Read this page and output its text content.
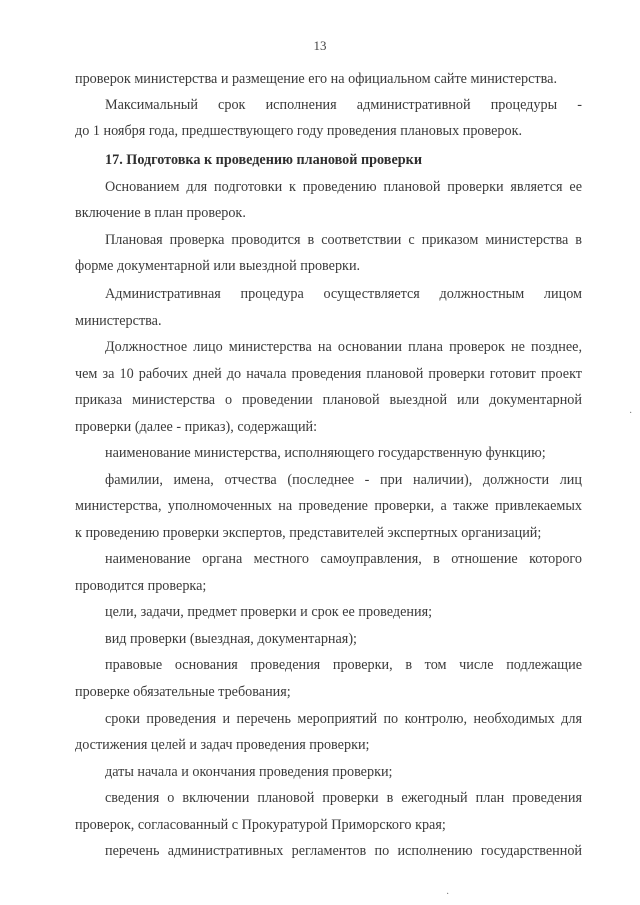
13
проверок министерства и размещение его на официальном сайте министерства.
Максимальный срок исполнения административной процедуры -
до 1 ноября года, предшествующего году проведения плановых проверок.
17. Подготовка к проведению плановой проверки
Основанием для подготовки к проведению плановой проверки является ее
включение в план проверок.
Плановая проверка проводится в соответствии с приказом министерства в
форме документарной или выездной проверки.
Административная процедура осуществляется должностным лицом
министерства.
Должностное лицо министерства на основании плана проверок не позднее,
чем за 10 рабочих дней до начала проведения плановой проверки готовит проект
приказа министерства о проведении плановой выездной или документарной
проверки (далее - приказ), содержащий:
наименование министерства, исполняющего государственную функцию;
фамилии, имена, отчества (последнее - при наличии), должности лиц
министерства, уполномоченных на проведение проверки, а также привлекаемых
к проведению проверки экспертов, представителей экспертных организаций;
наименование органа местного самоуправления, в отношение которого
проводится проверка;
цели, задачи, предмет проверки и срок ее проведения;
вид проверки (выездная, документарная);
правовые основания проведения проверки, в том числе подлежащие
проверке обязательные требования;
сроки проведения и перечень мероприятий по контролю, необходимых для
достижения целей и задач проведения проверки;
даты начала и окончания проведения проверки;
сведения о включении плановой проверки в ежегодный план проведения
проверок, согласованный с Прокуратурой Приморского края;
перечень административных регламентов по исполнению государственной
·
·
